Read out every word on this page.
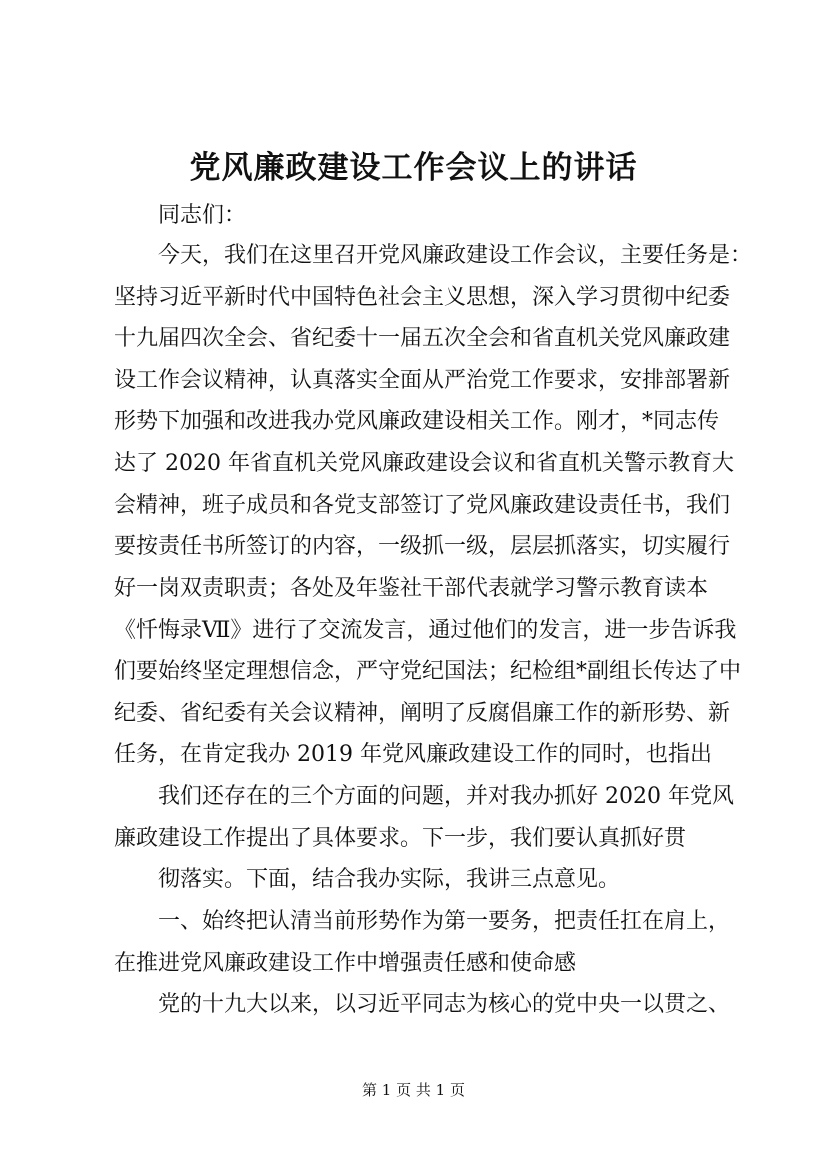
党风廉政建设工作会议上的讲话

同志们：

今天，我们在这里召开党风廉政建设工作会议，主要任务是：

坚持习近平新时代中国特色社会主义思想，深入学习贯彻中纪委

十九届四次全会、省纪委十一届五次全会和省直机关党风廉政建

设工作会议精神，认真落实全面从严治党工作要求，安排部署新

形势下加强和改进我办党风廉政建设相关工作。刚才，*同志传

达了 2020 年省直机关党风廉政建设会议和省直机关警示教育大

会精神，班子成员和各党支部签订了党风廉政建设责任书，我们

要按责任书所签订的内容，一级抓一级，层层抓落实，切实履行

好一岗双责职责；各处及年鉴社干部代表就学习警示教育读本

《忏悔录Ⅶ》进行了交流发言，通过他们的发言，进一步告诉我

们要始终坚定理想信念，严守党纪国法；纪检组*副组长传达了中

纪委、省纪委有关会议精神，阐明了反腐倡廉工作的新形势、新

任务，在肯定我办 2019 年党风廉政建设工作的同时，也指出

我们还存在的三个方面的问题，并对我办抓好 2020 年党风

廉政建设工作提出了具体要求。下一步，我们要认真抓好贯

彻落实。下面，结合我办实际，我讲三点意见。

一、始终把认清当前形势作为第一要务，把责任扛在肩上，

在推进党风廉政建设工作中增强责任感和使命感

党的十九大以来，以习近平同志为核心的党中央一以贯之、

第 1 页 共 1 页
